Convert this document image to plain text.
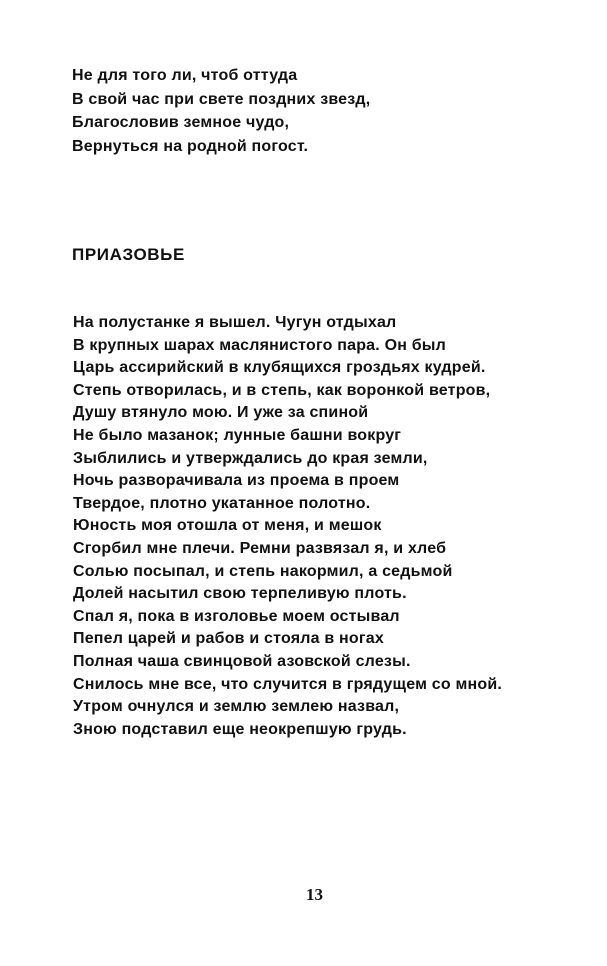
Не для того ли, чтоб оттуда
В свой час при свете поздних звезд,
Благословив земное чудо,
Вернуться на родной погост.
ПРИАЗОВЬЕ
На полустанке я вышел. Чугун отдыхал
В крупных шарах маслянистого пара. Он был
Царь ассирийский в клубящихся гроздьях кудрей.
Степь отворилась, и в степь, как воронкой ветров,
Душу втянуло мою. И уже за спиной
Не было мазанок; лунные башни вокруг
Зыблились и утверждались до края земли,
Ночь разворачивала из проема в проем
Твердое, плотно укатанное полотно.
Юность моя отошла от меня, и мешок
Сгорбил мне плечи. Ремни развязал я, и хлеб
Солью посыпал, и степь накормил, а седьмой
Долей насытил свою терпеливую плоть.
Спал я, пока в изголовье моем остывал
Пепел царей и рабов и стояла в ногах
Полная чаша свинцовой азовской слезы.
Снилось мне все, что случится в грядущем со мной.
Утром очнулся и землю землею назвал,
Зною подставил еще неокрепшую грудь.
13
